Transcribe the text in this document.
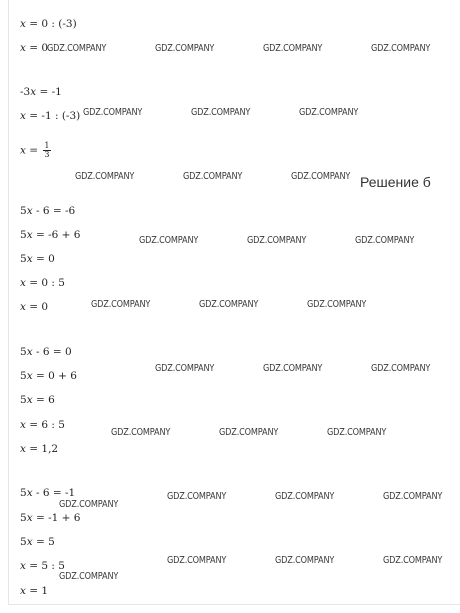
x = 0 : (-3)
x = 0
-3x = -1
x = -1 : (-3)
$x = \frac{1}{3}$
5x - 6 = -6
5x = -6 + 6
5x = 0
x = 0 : 5
x = 0
5x - 6 = 0
5x = 0 + 6
5x = 6
x = 6 : 5
x = 1,2
5x - 6 = -1
5x = -1 + 6
5x = 5
x = 5 : 5
x = 1
Решение б
GDZ.COMPANY	GDZ.COMPANY	GDZ.COMPANY	GDZ.COMPANY
GDZ.COMPANY	GDZ.COMPANY	GDZ.COMPANY
GDZ.COMPANY	GDZ.COMPANY	GDZ.COMPANY
GDZ.COMPANY	GDZ.COMPANY	GDZ.COMPANY
GDZ.COMPANY	GDZ.COMPANY	GDZ.COMPANY
GDZ.COMPANY	GDZ.COMPANY	GDZ.COMPANY
GDZ.COMPANY	GDZ.COMPANY	GDZ.COMPANY
GDZ.COMPANY	GDZ.COMPANY	GDZ.COMPANY
GDZ.COMPANY
GDZ.COMPANY	GDZ.COMPANY	GDZ.COMPANY
GDZ.COMPANY
